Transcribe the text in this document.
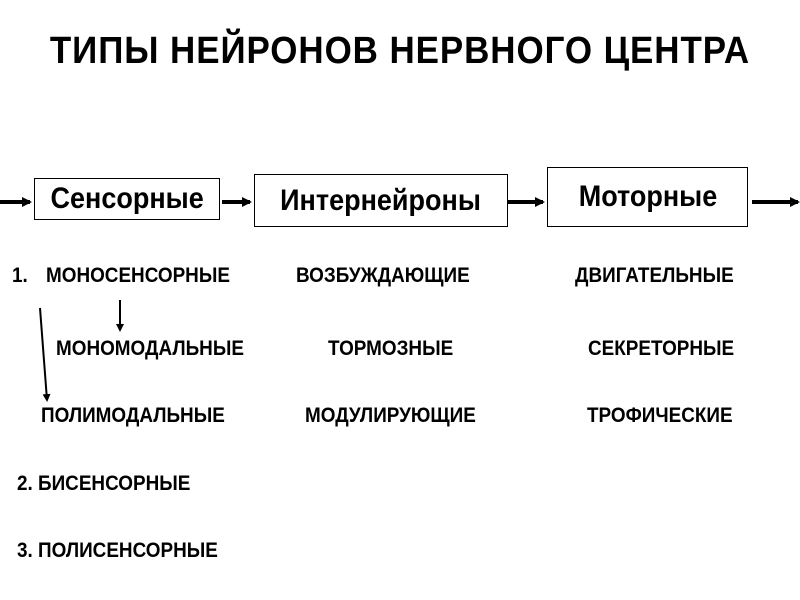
ТИПЫ НЕЙРОНОВ НЕРВНОГО ЦЕНТРА
Сенсорные	Интернейроны	Моторные
1. МОНОСЕНСОРНЫЕ
МОНОМОДАЛЬНЫЕ
ПОЛИМОДАЛЬНЫЕ
2. БИСЕНСОРНЫЕ
3. ПОЛИСЕНСОРНЫЕ
ВОЗБУЖДАЮЩИЕ
ТОРМОЗНЫЕ
МОДУЛИРУЮЩИЕ
ДВИГАТЕЛЬНЫЕ
СЕКРЕТОРНЫЕ
ТРОФИЧЕСКИЕ
